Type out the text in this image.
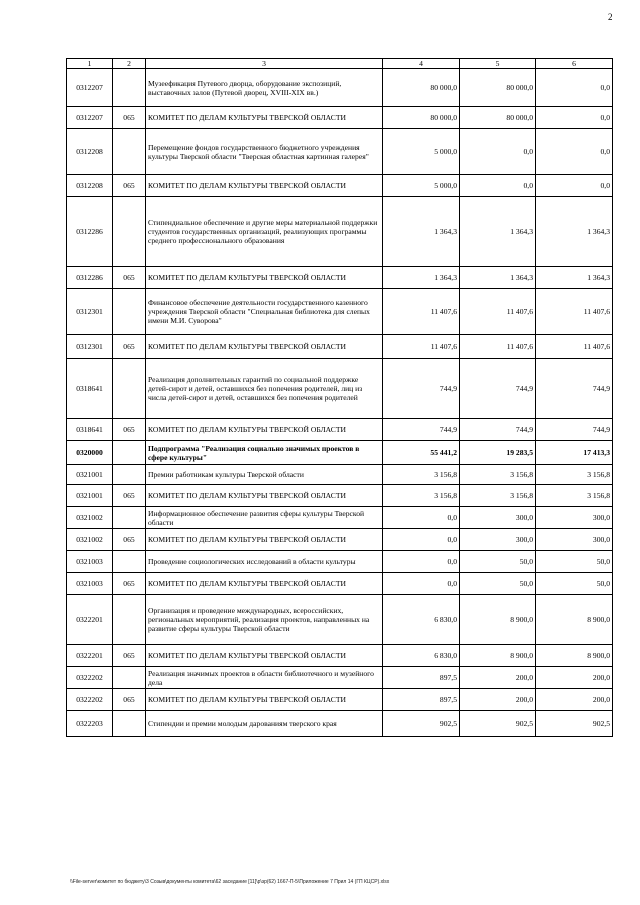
2
1	2	3	4	5	6
0312207		Музеефикация Путевого дворца, оборудование экспозиций, выставочных залов (Путевой дворец, XVIII-XIX вв.)	80 000,0	80 000,0	0,0
0312207	065	КОМИТЕТ ПО ДЕЛАМ КУЛЬТУРЫ ТВЕРСКОЙ ОБЛАСТИ	80 000,0	80 000,0	0,0
0312208		Перемещение фондов государственного бюджетного учреждения культуры Тверской области "Тверская областная картинная галерея"	5 000,0	0,0	0,0
0312208	065	КОМИТЕТ ПО ДЕЛАМ КУЛЬТУРЫ ТВЕРСКОЙ ОБЛАСТИ	5 000,0	0,0	0,0
0312286		Стипендиальное обеспечение и другие меры материальной поддержки студентов государственных организаций, реализующих программы среднего профессионального образования	1 364,3	1 364,3	1 364,3
0312286	065	КОМИТЕТ ПО ДЕЛАМ КУЛЬТУРЫ ТВЕРСКОЙ ОБЛАСТИ	1 364,3	1 364,3	1 364,3
0312301		Финансовое обеспечение деятельности государственного казенного учреждения Тверской области "Специальная библиотека для слепых имени М.И. Суворова"	11 407,6	11 407,6	11 407,6
0312301	065	КОМИТЕТ ПО ДЕЛАМ КУЛЬТУРЫ ТВЕРСКОЙ ОБЛАСТИ	11 407,6	11 407,6	11 407,6
0318641		Реализация дополнительных гарантий по социальной поддержке детей-сирот и детей, оставшихся без попечения родителей, лиц из числа детей-сирот и детей, оставшихся без попечения родителей	744,9	744,9	744,9
0318641	065	КОМИТЕТ ПО ДЕЛАМ КУЛЬТУРЫ ТВЕРСКОЙ ОБЛАСТИ	744,9	744,9	744,9
0320000		Подпрограмма "Реализация социально значимых проектов в сфере культуры"	55 441,2	19 283,5	17 413,3
0321001		Премии работникам культуры Тверской области	3 156,8	3 156,8	3 156,8
0321001	065	КОМИТЕТ ПО ДЕЛАМ КУЛЬТУРЫ ТВЕРСКОЙ ОБЛАСТИ	3 156,8	3 156,8	3 156,8
0321002		Информационное обеспечение развития сферы культуры Тверской области	0,0	300,0	300,0
0321002	065	КОМИТЕТ ПО ДЕЛАМ КУЛЬТУРЫ ТВЕРСКОЙ ОБЛАСТИ	0,0	300,0	300,0
0321003		Проведение социологических исследований в области культуры	0,0	50,0	50,0
0321003	065	КОМИТЕТ ПО ДЕЛАМ КУЛЬТУРЫ ТВЕРСКОЙ ОБЛАСТИ	0,0	50,0	50,0
0322201		Организация и проведение международных, всероссийских, региональных мероприятий, реализация проектов, направленных на развитие сферы культуры Тверской области	6 830,0	8 900,0	8 900,0
0322201	065	КОМИТЕТ ПО ДЕЛАМ КУЛЬТУРЫ ТВЕРСКОЙ ОБЛАСТИ	6 830,0	8 900,0	8 900,0
0322202		Реализация значимых проектов в области библиотечного и музейного дела	897,5	200,0	200,0
0322202	065	КОМИТЕТ ПО ДЕЛАМ КУЛЬТУРЫ ТВЕРСКОЙ ОБЛАСТИ	897,5	200,0	200,0
0322203		Стипендии и премии молодым дарованиям тверского края	902,5	902,5	902,5
\\File-server\комитет по бюджету\3 Созыв\документы комитета\62 заседание [11]\р\зр(62) 1667-П-5\Приложение 7 Прил 14 (ГП КЦСР).xlsx
